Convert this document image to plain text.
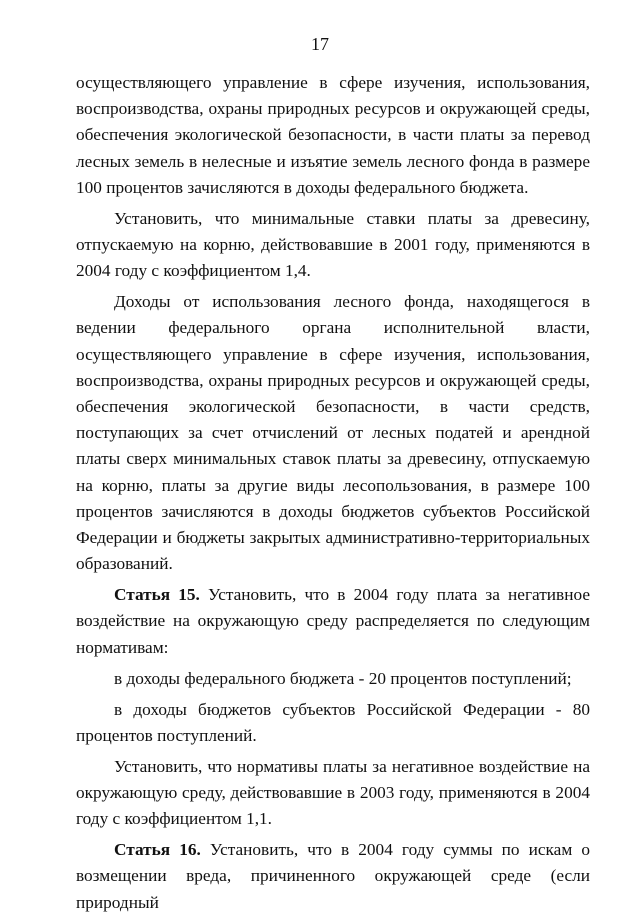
17

осуществляющего управление в сфере изучения, использования, воспроизводства, охраны природных ресурсов и окружающей среды, обеспечения экологической безопасности, в части платы за перевод лесных земель в нелесные и изъятие земель лесного фонда в размере 100 процентов зачисляются в доходы федерального бюджета.

Установить, что минимальные ставки платы за древесину, отпускаемую на корню, действовавшие в 2001 году, применяются в 2004 году с коэффициентом 1,4.

Доходы от использования лесного фонда, находящегося в ведении федерального органа исполнительной власти, осуществляющего управление в сфере изучения, использования, воспроизводства, охраны природных ресурсов и окружающей среды, обеспечения экологической безопасности, в части средств, поступающих за счет отчислений от лесных податей и арендной платы сверх минимальных ставок платы за древесину, отпускаемую на корню, платы за другие виды лесопользования, в размере 100 процентов зачисляются в доходы бюджетов субъектов Российской Федерации и бюджеты закрытых административно-территориальных образований.

Статья 15. Установить, что в 2004 году плата за негативное воздействие на окружающую среду распределяется по следующим нормативам:

в доходы федерального бюджета - 20 процентов поступлений;

в доходы бюджетов субъектов Российской Федерации - 80 процентов поступлений.

Установить, что нормативы платы за негативное воздействие на окружающую среду, действовавшие в 2003 году, применяются в 2004 году с коэффициентом 1,1.

Статья 16. Установить, что в 2004 году суммы по искам о возмещении вреда, причиненного окружающей среде (если природный
